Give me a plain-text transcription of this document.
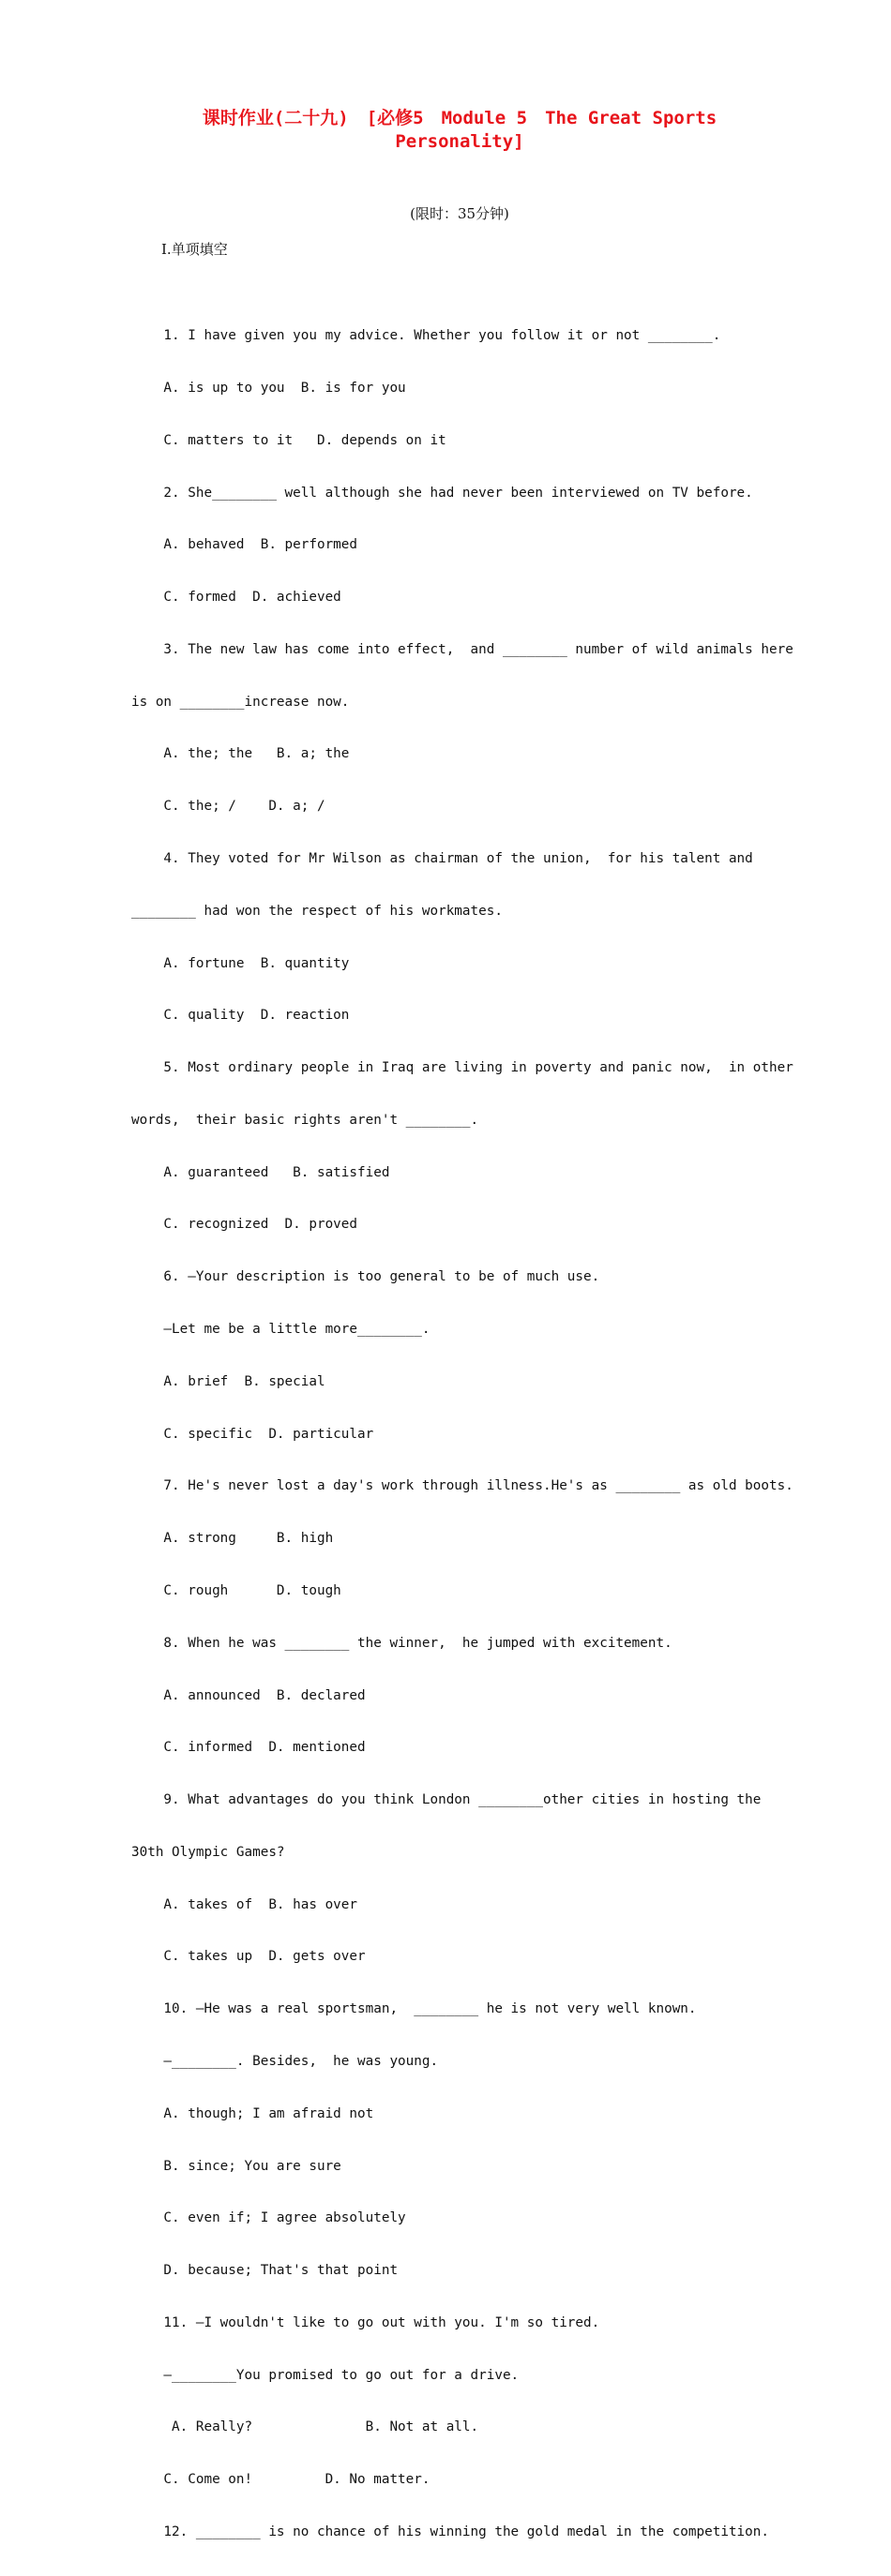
课时作业(二十九)　[必修5　Module 5　The Great Sports
Personality]
(限时：35分钟)
Ⅰ.单项填空

1. I have given you my advice. Whether you follow it or not ________.

A. is up to you  B. is for you

C. matters to it   D. depends on it

2. She________ well although she had never been interviewed on TV before.

A. behaved  B. performed

C. formed  D. achieved

3. The new law has come into effect,  and ________ number of wild animals here

is on ________increase now.

A. the; the   B. a; the

C. the; /    D. a; /

4. They voted for Mr Wilson as chairman of the union,  for his talent and

________ had won the respect of his workmates.

A. fortune  B. quantity

C. quality  D. reaction

5. Most ordinary people in Iraq are living in poverty and panic now,  in other

words,  their basic rights aren't ________.

A. guaranteed   B. satisfied

C. recognized  D. proved

6. —Your description is too general to be of much use.

—Let me be a little more________.

A. brief  B. special

C. specific  D. particular

7. He's never lost a day's work through illness.He's as ________ as old boots.

A. strong     B. high

C. rough      D. tough

8. When he was ________ the winner,  he jumped with excitement.

A. announced  B. declared

C. informed  D. mentioned

9. What advantages do you think London ________other cities in hosting the

30th Olympic Games?

A. takes of  B. has over

C. takes up  D. gets over

10. —He was a real sportsman,  ________ he is not very well known.

—________. Besides,  he was young.

A. though; I am afraid not

B. since; You are sure

C. even if; I agree absolutely

D. because; That's that point

11. —I wouldn't like to go out with you. I'm so tired.

—________You promised to go out for a drive.

A. Really?              B. Not at all.

C. Come on!         D. No matter.

12. ________ is no chance of his winning the gold medal in the competition.
